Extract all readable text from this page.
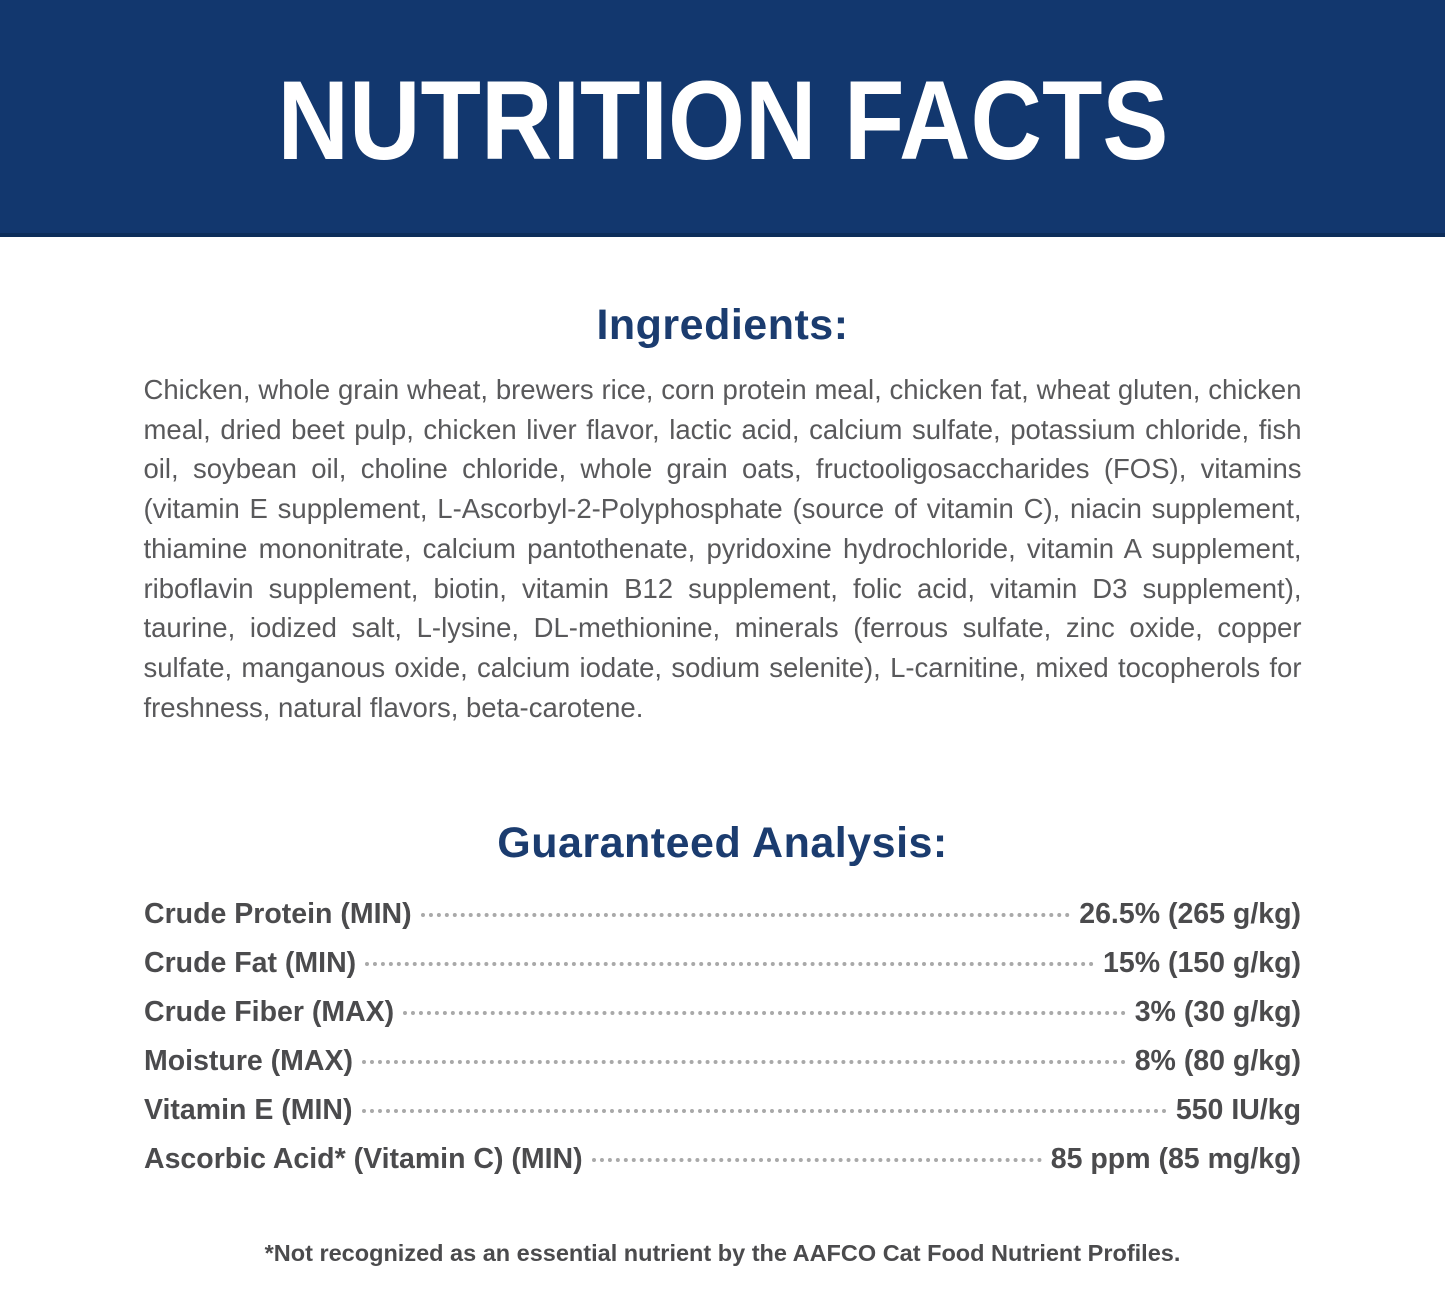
NUTRITION FACTS
Ingredients:

Chicken, whole grain wheat, brewers rice, corn protein meal, chicken fat, wheat gluten, chicken meal, dried beet pulp, chicken liver flavor, lactic acid, calcium sulfate, potassium chloride, fish oil, soybean oil, choline chloride, whole grain oats, fructooligosaccharides (FOS), vitamins (vitamin E supplement, L-Ascorbyl-2-Polyphosphate (source of vitamin C), niacin supplement, thiamine mononitrate, calcium pantothenate, pyridoxine hydrochloride, vitamin A supplement, riboflavin supplement, biotin, vitamin B12 supplement, folic acid, vitamin D3 supplement), taurine, iodized salt, L-lysine, DL-methionine, minerals (ferrous sulfate, zinc oxide, copper sulfate, manganous oxide, calcium iodate, sodium selenite), L-carnitine, mixed tocopherols for freshness, natural flavors, beta-carotene.

Guaranteed Analysis:
Crude Protein (MIN)	26.5% (265 g/kg)
Crude Fat (MIN)	15% (150 g/kg)
Crude Fiber (MAX)	3% (30 g/kg)
Moisture (MAX)	8% (80 g/kg)
Vitamin E (MIN)	550 IU/kg
Ascorbic Acid* (Vitamin C) (MIN)	85 ppm (85 mg/kg)
*Not recognized as an essential nutrient by the AAFCO Cat Food Nutrient Profiles.
